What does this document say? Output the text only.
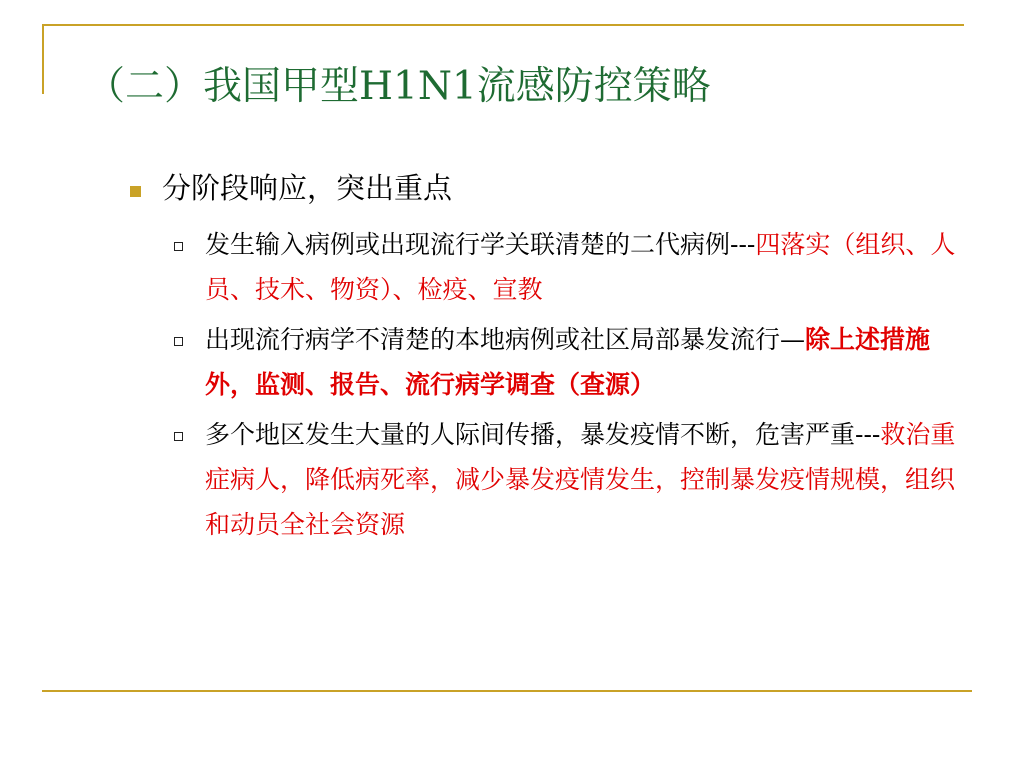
（二）我国甲型H1N1流感防控策略
分阶段响应，突出重点
发生输入病例或出现流行学关联清楚的二代病例---四落实（组织、人员、技术、物资）、检疫、宣教
出现流行病学不清楚的本地病例或社区局部暴发流行—除上述措施外，监测、报告、流行病学调查（查源）
多个地区发生大量的人际间传播，暴发疫情不断，危害严重---救治重症病人，降低病死率，减少暴发疫情发生，控制暴发疫情规模，组织和动员全社会资源
